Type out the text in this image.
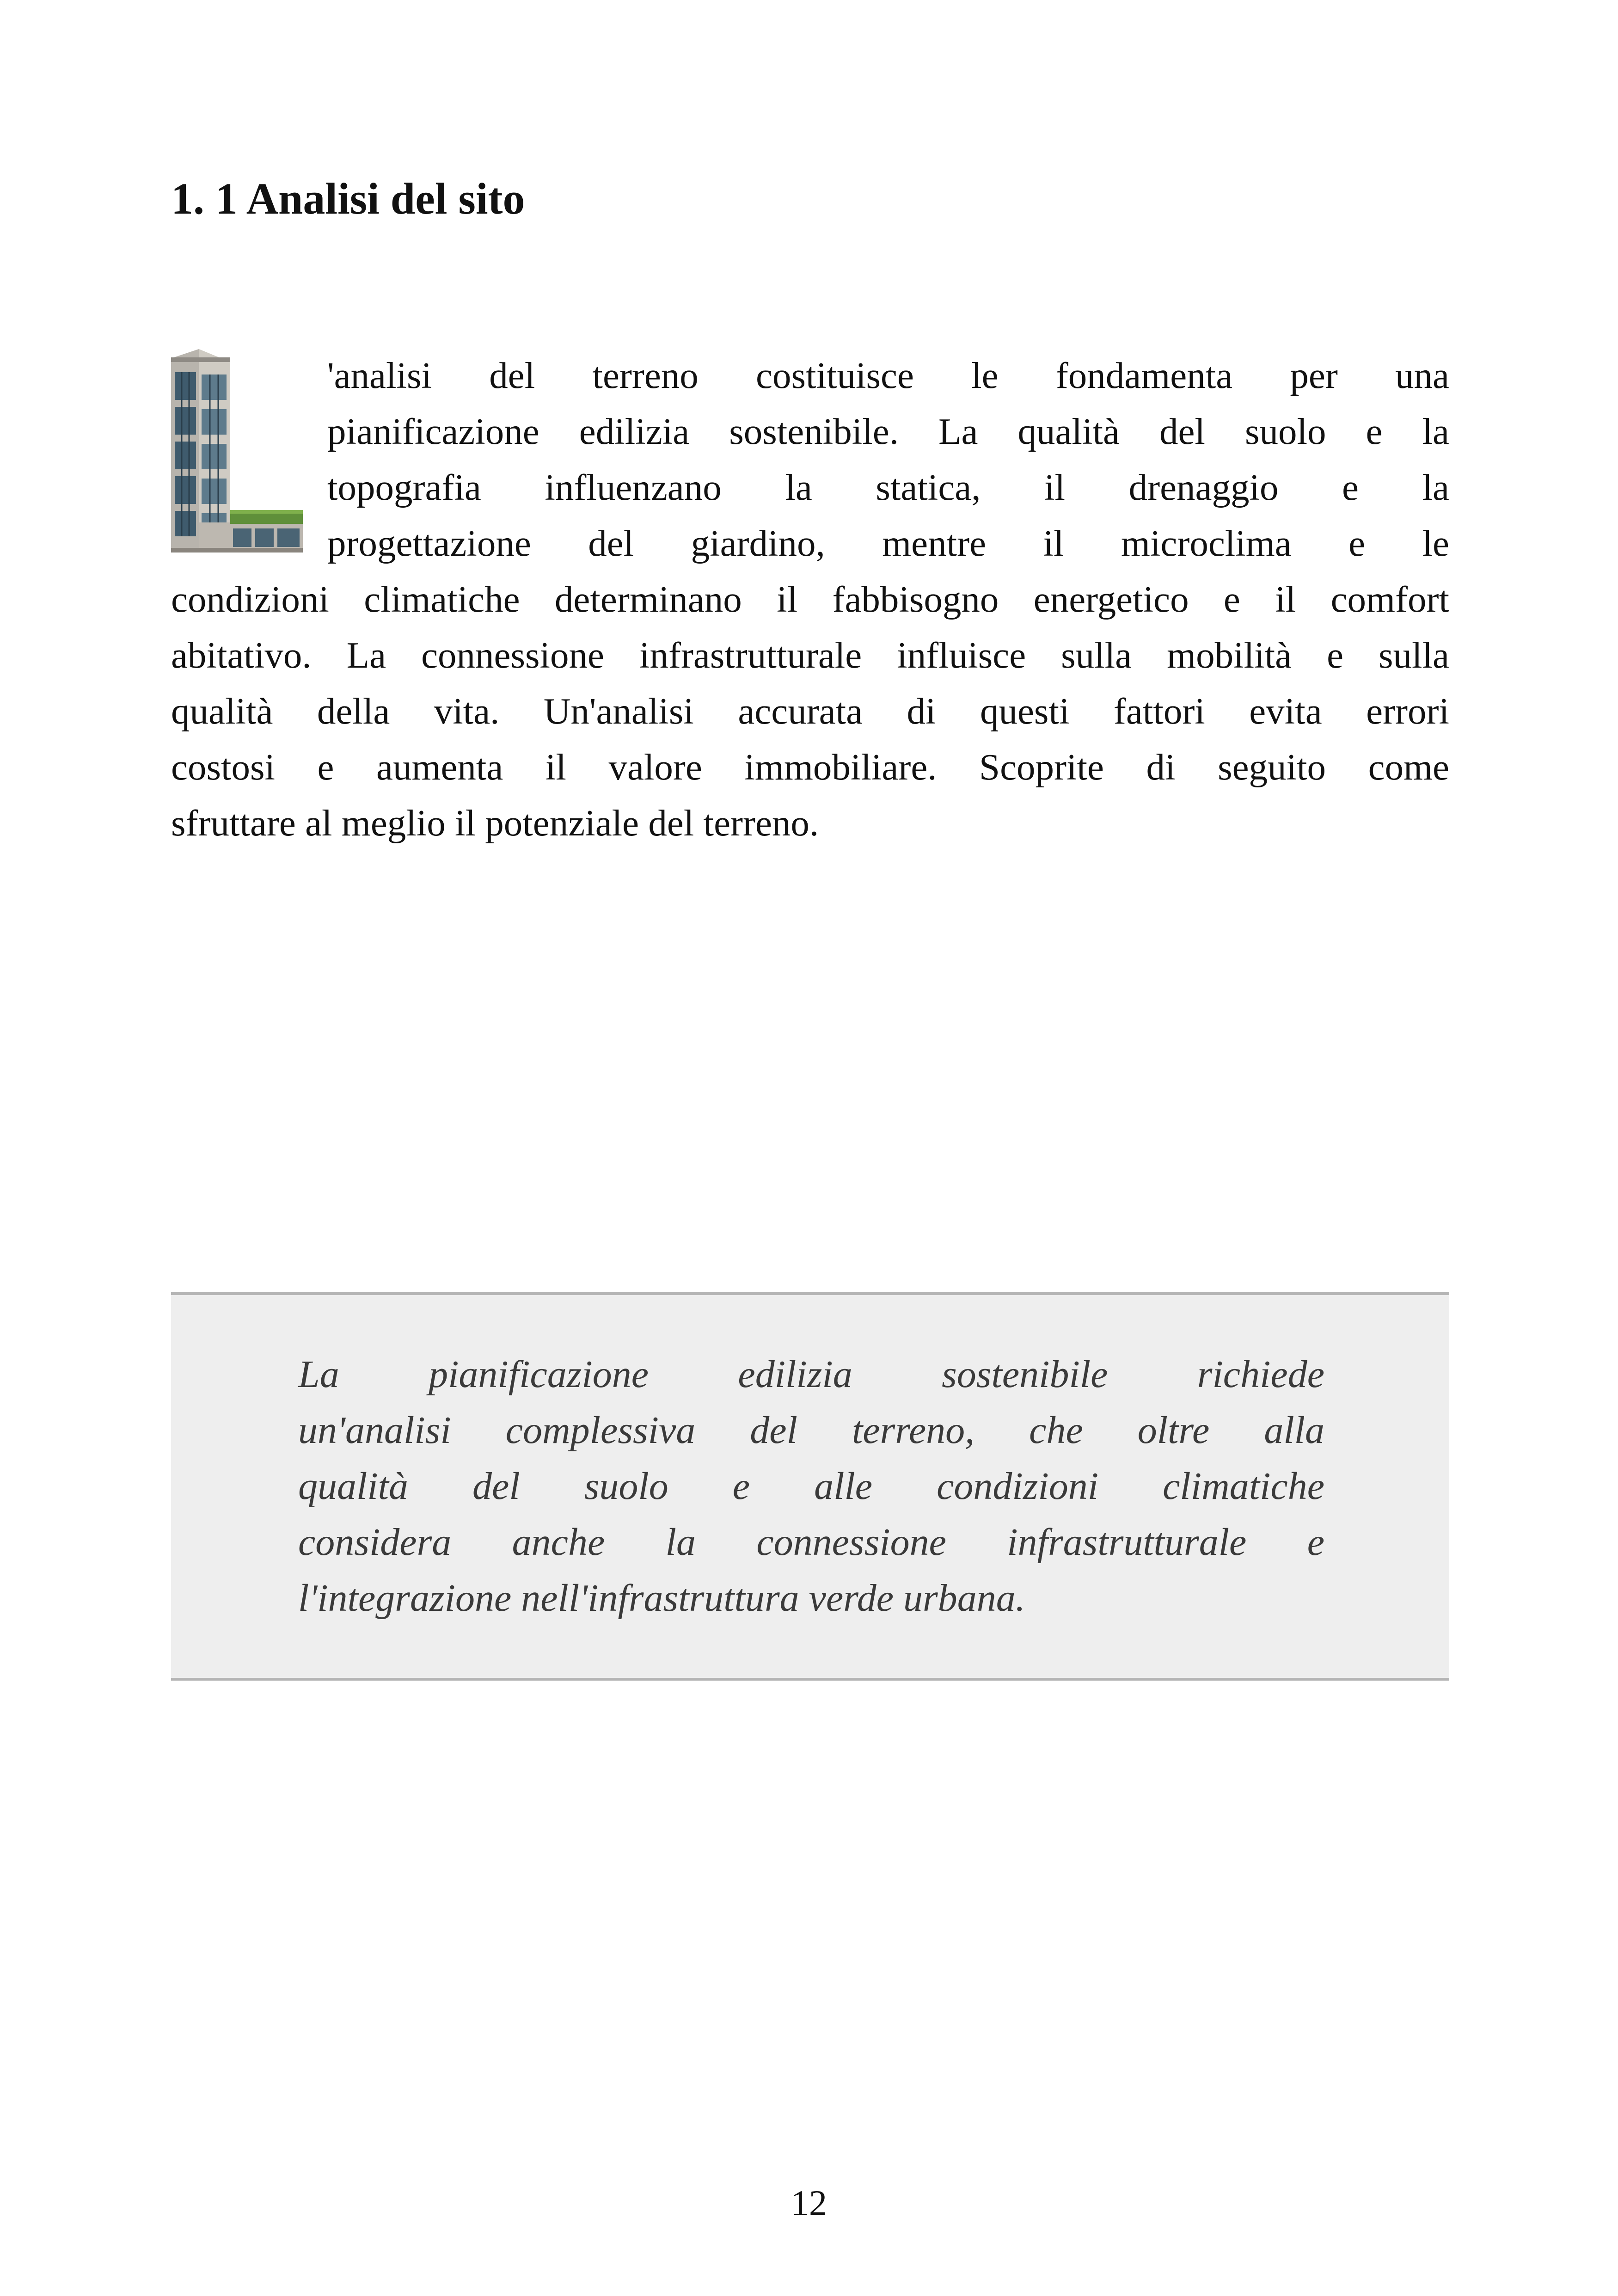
1. 1 Analisi del sito
'analisi del terreno costituisce le fondamenta per una
pianificazione edilizia sostenibile. La qualità del suolo e la
topografia influenzano la statica, il drenaggio e la
progettazione del giardino, mentre il microclima e le
condizioni climatiche determinano il fabbisogno energetico e il comfort
abitativo. La connessione infrastrutturale influisce sulla mobilità e sulla
qualità della vita. Un'analisi accurata di questi fattori evita errori
costosi e aumenta il valore immobiliare. Scoprite di seguito come
sfruttare al meglio il potenziale del terreno.
La pianificazione edilizia sostenibile richiede
un'analisi complessiva del terreno, che oltre alla
qualità del suolo e alle condizioni climatiche
considera anche la connessione infrastrutturale e
l'integrazione nell'infrastruttura verde urbana.
12
